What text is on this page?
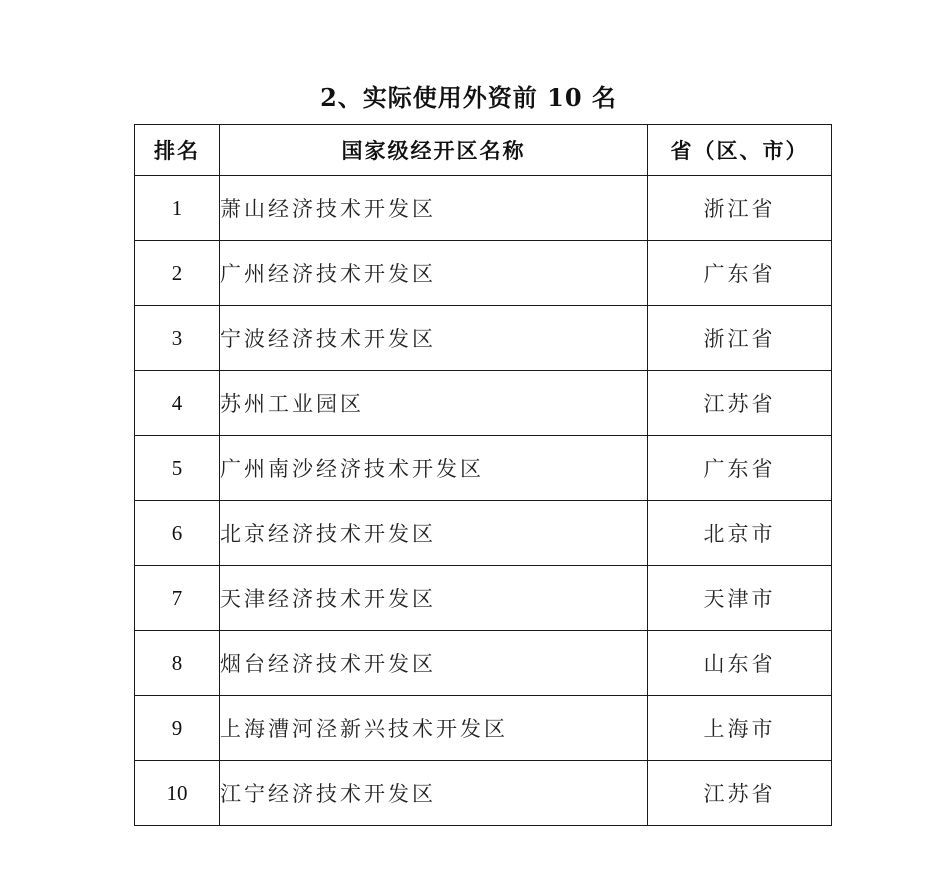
2、实际使用外资前 10 名
排名	国家级经开区名称	省（区、市）
1	萧山经济技术开发区	浙江省
2	广州经济技术开发区	广东省
3	宁波经济技术开发区	浙江省
4	苏州工业园区	江苏省
5	广州南沙经济技术开发区	广东省
6	北京经济技术开发区	北京市
7	天津经济技术开发区	天津市
8	烟台经济技术开发区	山东省
9	上海漕河泾新兴技术开发区	上海市
10	江宁经济技术开发区	江苏省
